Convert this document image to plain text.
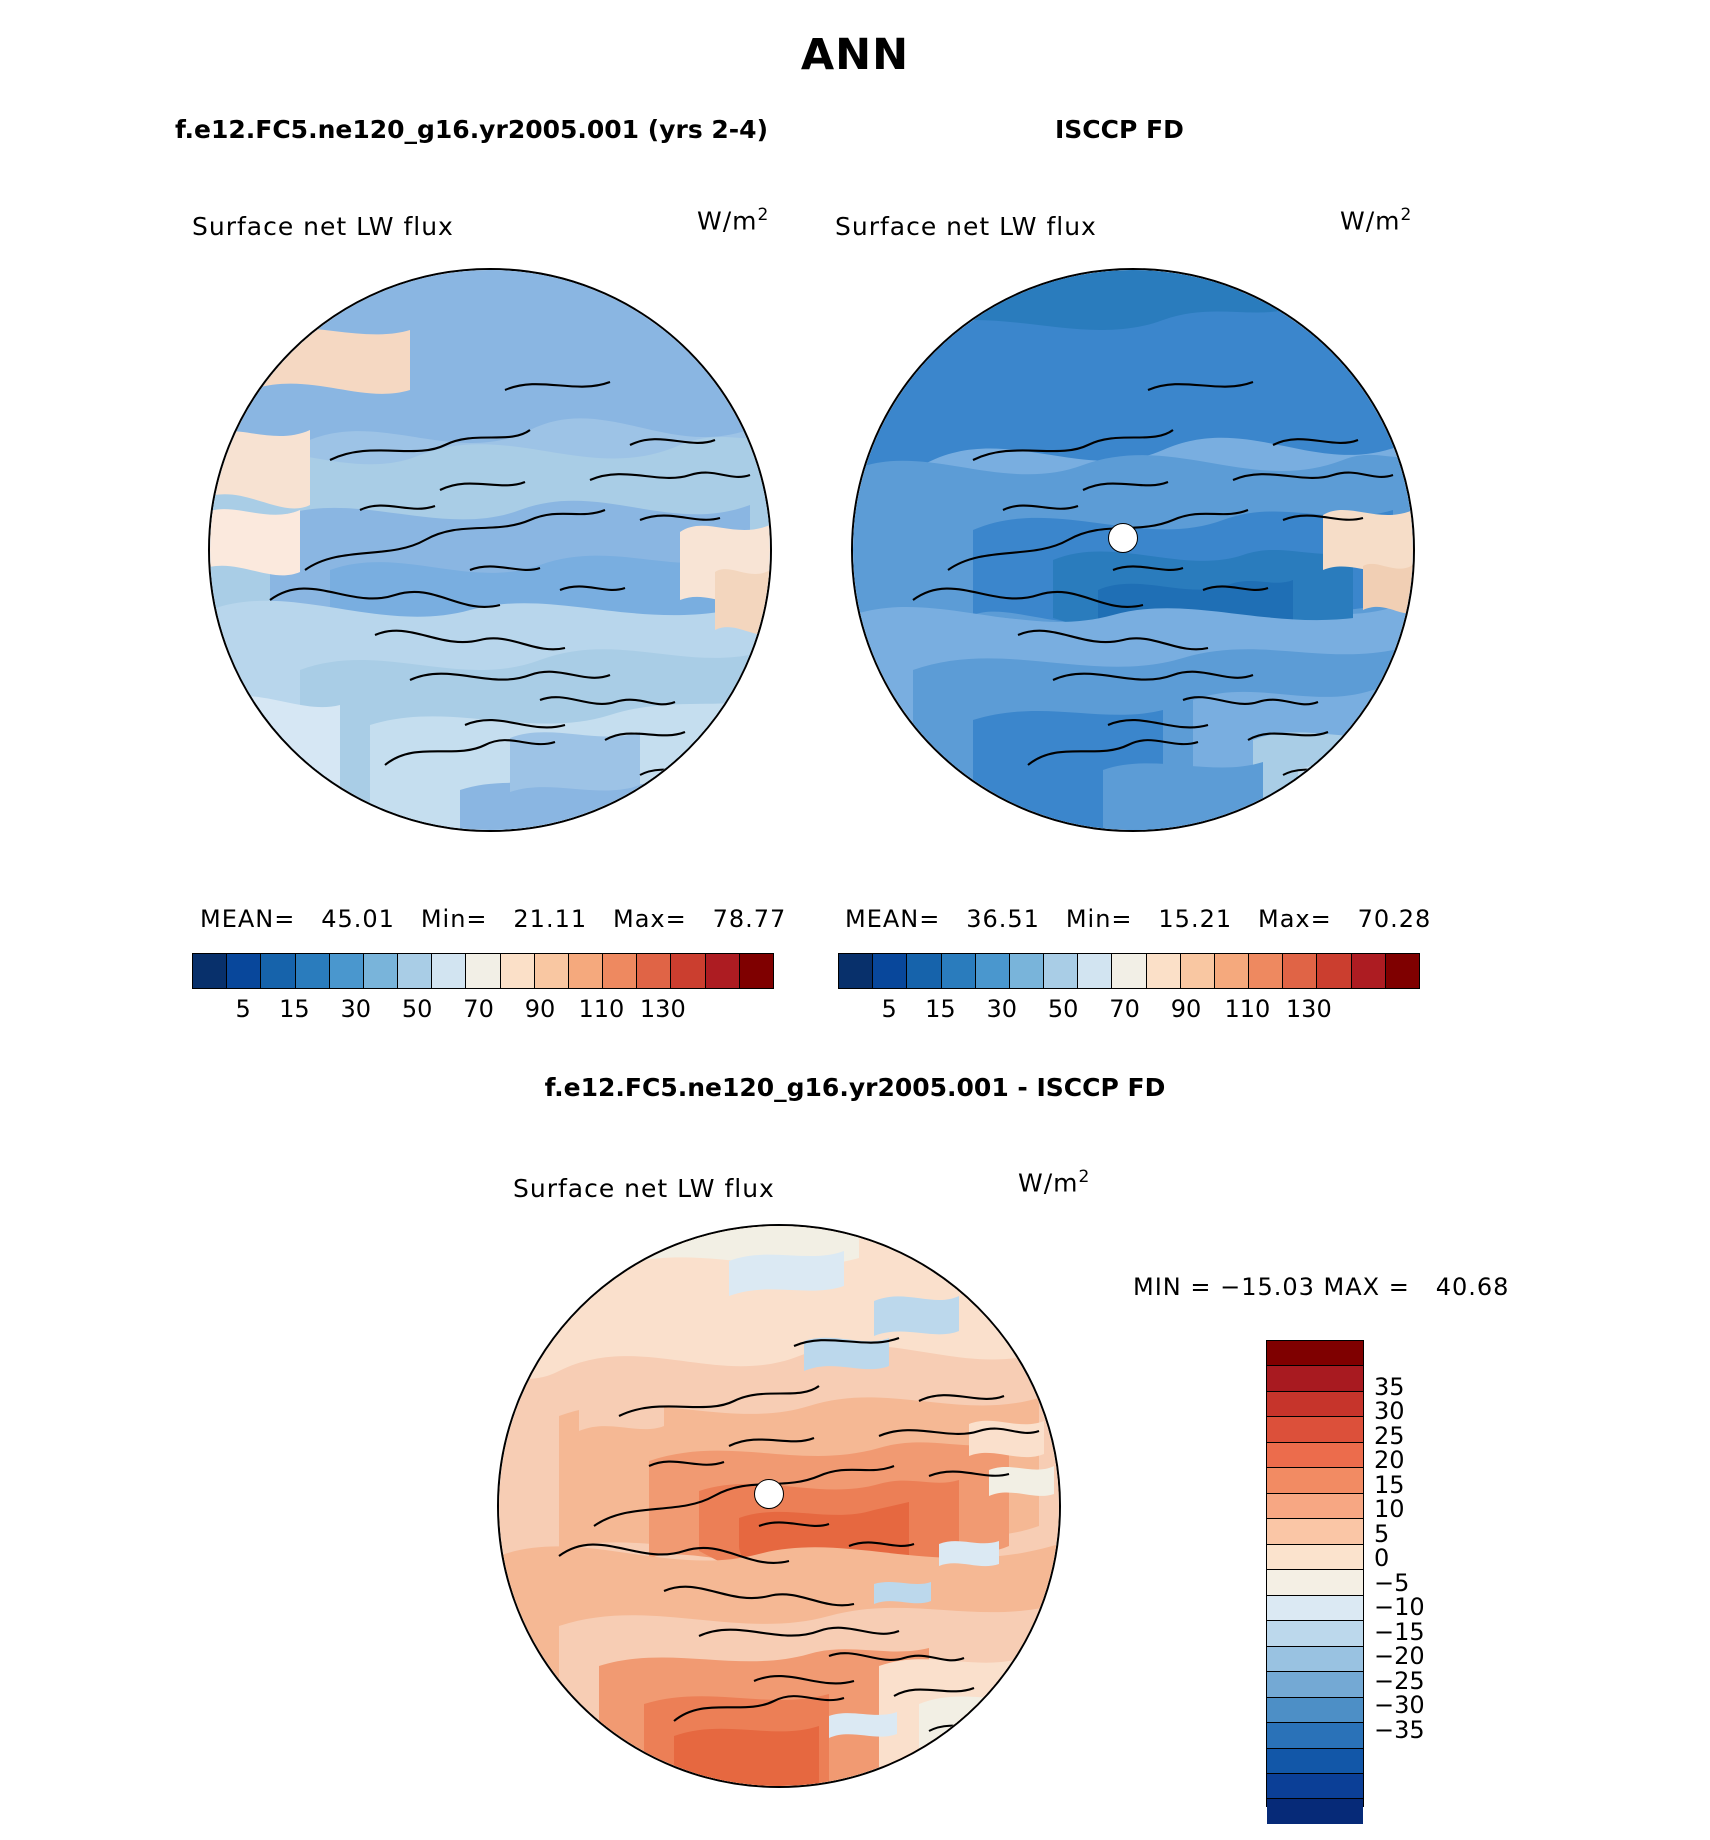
ANN
f.e12.FC5.ne120_g16.yr2005.001 (yrs 2-4)	ISCCP FD
Surface net LW flux	$W/m^2$
MEAN=   45.01   Min=   21.11   Max=   78.77
5 15 30 50 70 90 110 130
Surface net LW flux	$W/m^2$
MEAN=   36.51   Min=   15.21   Max=   70.28
5 15 30 50 70 90 110 130
f.e12.FC5.ne120_g16.yr2005.001 - ISCCP FD
Surface net LW flux	$W/m^2$
MIN = −15.03 MAX =   40.68
35
30
25
20
15
10
5
0
−5
−10
−15
−20
−25
−30
−35
